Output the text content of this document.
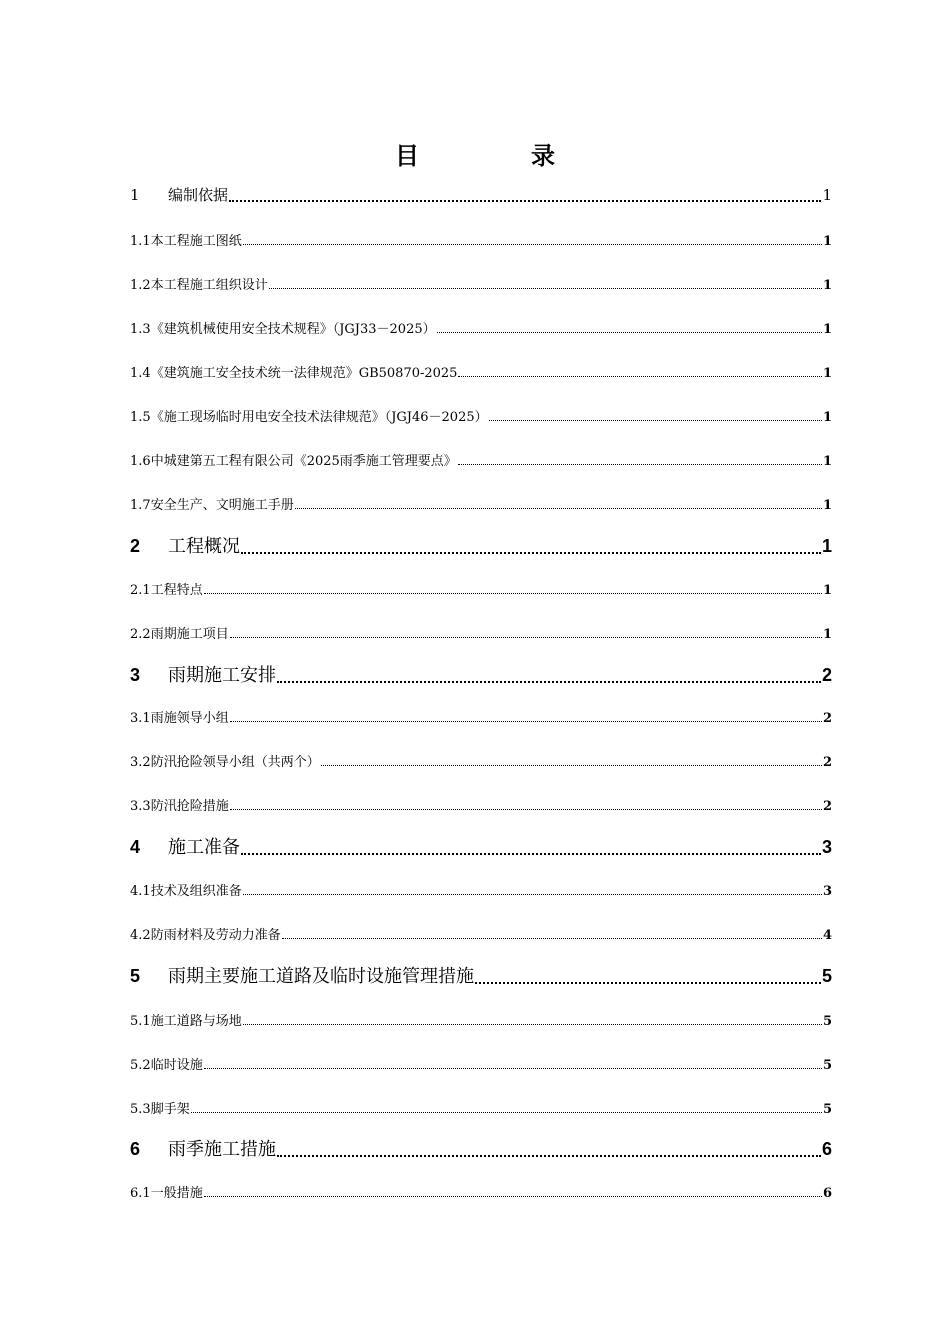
目　录
1	编制依据	1
1.1 本工程施工图纸	1
1.2 本工程施工组织设计	1
1.3 《建筑机械使用安全技术规程》（JGJ33－2025）	1
1.4 《建筑施工安全技术统一法律规范》GB50870-2025	1
1.5 《施工现场临时用电安全技术法律规范》（JGJ46－2025）	1
1.6 中城建第五工程有限公司《2025雨季施工管理要点》	1
1.7 安全生产、文明施工手册	1
2	工程概况	1
2.1 工程特点	1
2.2 雨期施工项目	1
3	雨期施工安排	2
3.1 雨施领导小组	2
3.2 防汛抢险领导小组（共两个）	2
3.3 防汛抢险措施	2
4	施工准备	3
4.1 技术及组织准备	3
4.2 防雨材料及劳动力准备	4
5	雨期主要施工道路及临时设施管理措施	5
5.1 施工道路与场地	5
5.2 临时设施	5
5.3 脚手架	5
6	雨季施工措施	6
6.1 一般措施	6
